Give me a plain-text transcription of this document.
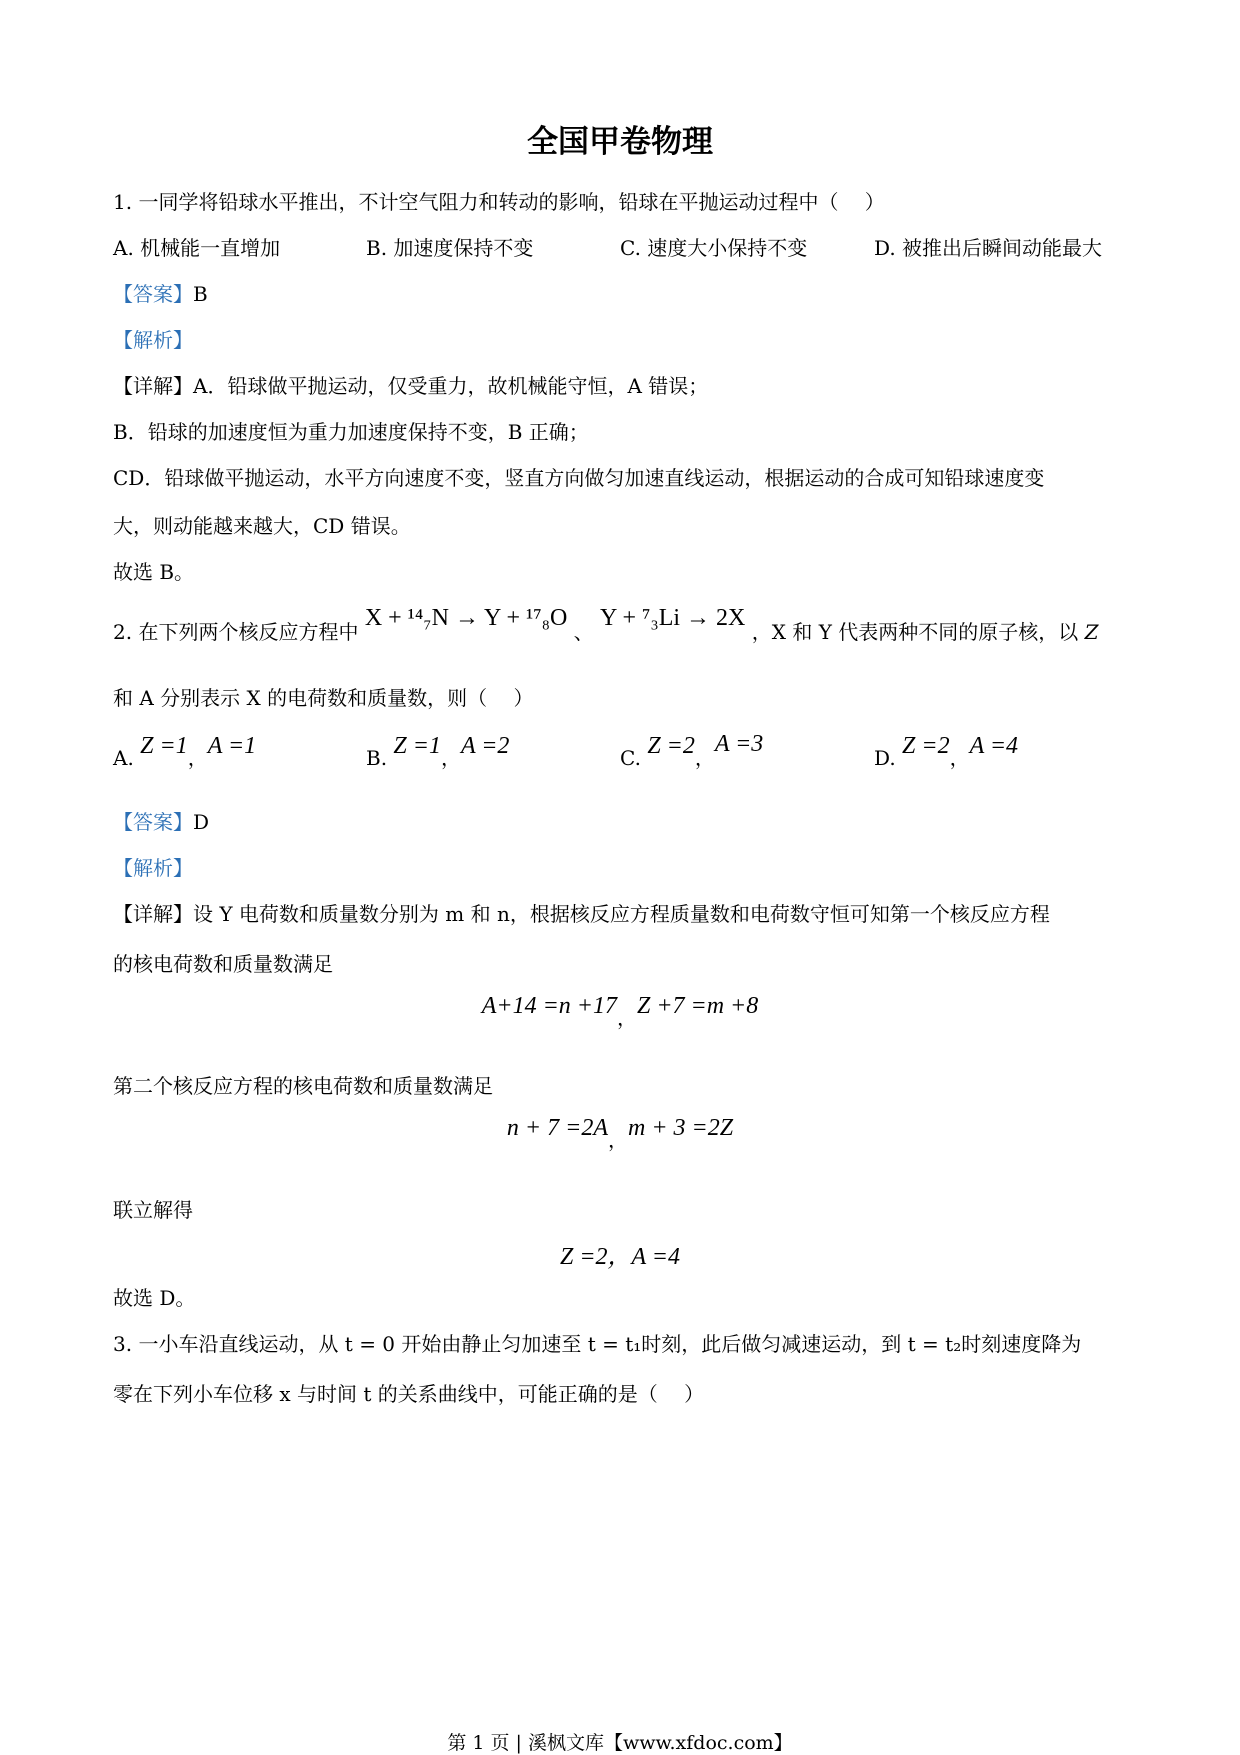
全国甲卷物理
1. 一同学将铅球水平推出，不计空气阻力和转动的影响，铅球在平抛运动过程中（　 ）
A. 机械能一直增加	B. 加速度保持不变	C. 速度大小保持不变	D. 被推出后瞬间动能最大
【答案】B
【解析】
【详解】A．铅球做平抛运动，仅受重力，故机械能守恒，A 错误；
B．铅球的加速度恒为重力加速度保持不变，B 正确；
CD．铅球做平抛运动，水平方向速度不变，竖直方向做匀加速直线运动，根据运动的合成可知铅球速度变
大，则动能越来越大，CD 错误。
故选 B。
2. 在下列两个核反应方程中 X + ¹⁴₇N → Y + ¹⁷₈O 、 Y + ⁷₃Li → 2X ，X 和 Y 代表两种不同的原子核，以 Z
和 A 分别表示 X 的电荷数和质量数，则（　 ）
A. Z =1，A =1	B. Z =1，A =2	C. Z =2，A =3
D. Z =2，A =4
【答案】D
【解析】
【详解】设 Y 电荷数和质量数分别为 m 和 n，根据核反应方程质量数和电荷数守恒可知第一个核反应方程
的核电荷数和质量数满足
A+14 =n +17，Z +7 =m +8
第二个核反应方程的核电荷数和质量数满足
n + 7 =2A，m + 3 =2Z
联立解得
Z =2，A =4
故选 D。
3. 一小车沿直线运动，从 t = 0 开始由静止匀加速至 t = t₁时刻，此后做匀减速运动，到 t = t₂时刻速度降为
零在下列小车位移 x 与时间 t 的关系曲线中，可能正确的是（　 ）
第 1 页 | 溪枫文库【www.xfdoc.com】
